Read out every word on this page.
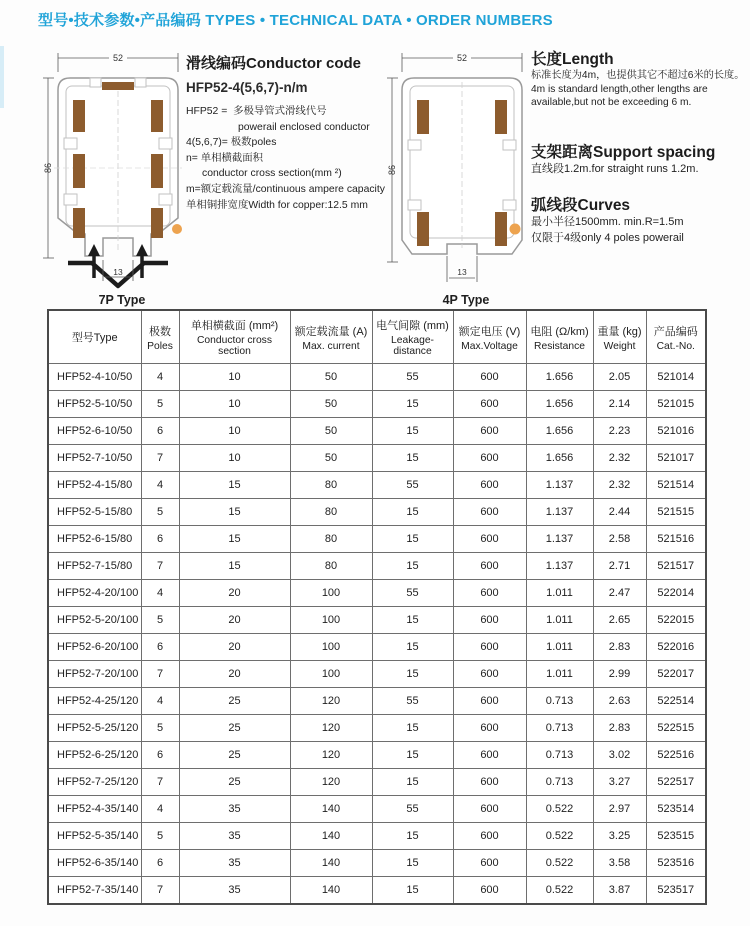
型号•技术参数•产品编码 TYPES • TECHNICAL DATA • ORDER NUMBERS
52
86
13
7P Type
滑线编码Conductor code
HFP52-4(5,6,7)-n/m
HFP52 = 多极导管式滑线代号
powerail enclosed conductor
4(5,6,7)= 极数poles
n= 单相横截面积
conductor cross section(mm ²)
m=额定载流量/continuous ampere capacity
单相铜排宽度Width for copper:12.5 mm
52
86
13
4P Type
长度Length
标准长度为4m，也提供其它不超过6米的长度。
4m is standard length,other lengths are
available,but not be exceeding 6 m.
支架距离Support spacing
直线段1.2m.for straight runs 1.2m.
弧线段Curves
最小半径1500mm. min.R=1.5m
仅限于4级only 4 poles powerail
型号Type

极数
Poles

单相横截面 (mm²)
Conductor cross section

额定载流量 (A)
Max. current

电气间隙 (mm)
Leakage-distance

额定电压 (V)
Max.Voltage

电阻 (Ω/km)
Resistance

重量 (kg)
Weight

产品编码
Cat.-No.

HFP52-4-10/50	4	10	50	55	600	1.656	2.05	521014
HFP52-5-10/50	5	10	50	15	600	1.656	2.14	521015
HFP52-6-10/50	6	10	50	15	600	1.656	2.23	521016
HFP52-7-10/50	7	10	50	15	600	1.656	2.32	521017
HFP52-4-15/80	4	15	80	55	600	1.137	2.32	521514
HFP52-5-15/80	5	15	80	15	600	1.137	2.44	521515
HFP52-6-15/80	6	15	80	15	600	1.137	2.58	521516
HFP52-7-15/80	7	15	80	15	600	1.137	2.71	521517
HFP52-4-20/100	4	20	100	55	600	1.011	2.47	522014
HFP52-5-20/100	5	20	100	15	600	1.011	2.65	522015
HFP52-6-20/100	6	20	100	15	600	1.011	2.83	522016
HFP52-7-20/100	7	20	100	15	600	1.011	2.99	522017
HFP52-4-25/120	4	25	120	55	600	0.713	2.63	522514
HFP52-5-25/120	5	25	120	15	600	0.713	2.83	522515
HFP52-6-25/120	6	25	120	15	600	0.713	3.02	522516
HFP52-7-25/120	7	25	120	15	600	0.713	3.27	522517
HFP52-4-35/140	4	35	140	55	600	0.522	2.97	523514
HFP52-5-35/140	5	35	140	15	600	0.522	3.25	523515
HFP52-6-35/140	6	35	140	15	600	0.522	3.58	523516
HFP52-7-35/140	7	35	140	15	600	0.522	3.87	523517
